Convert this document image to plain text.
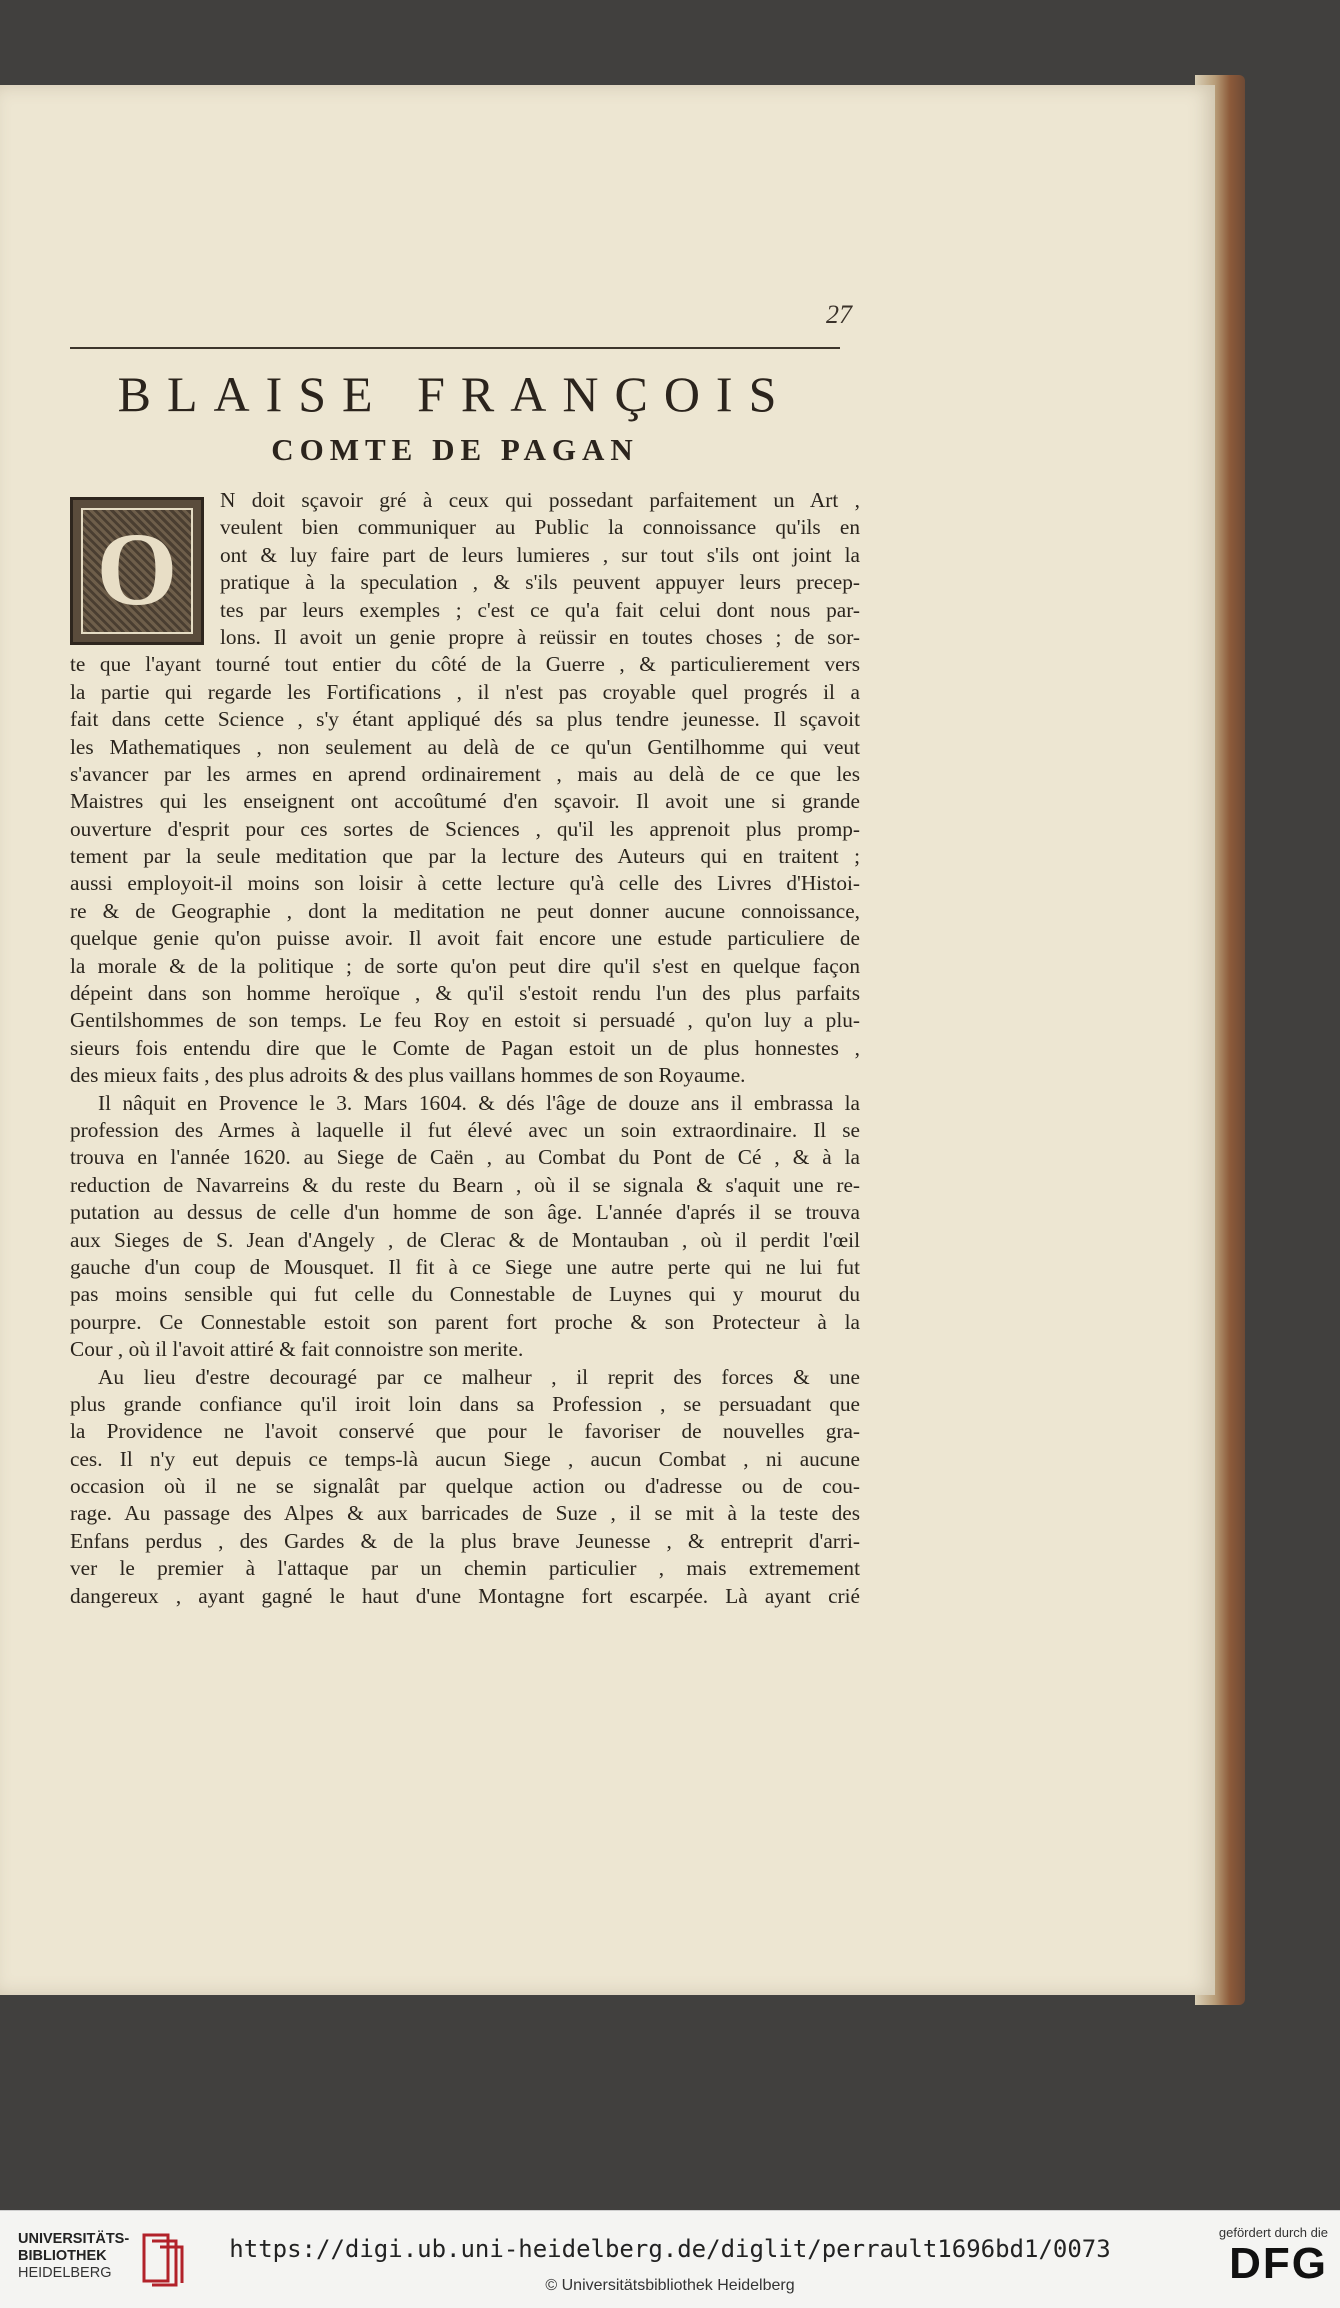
27
BLAISE FRANÇOIS
COMTE DE PAGAN
O
N doit sçavoir gré à ceux qui possedant parfaitement un Art ,
veulent bien communiquer au Public la connoissance qu'ils en
ont & luy faire part de leurs lumieres , sur tout s'ils ont joint la
pratique à la speculation , & s'ils peuvent appuyer leurs precep-
tes par leurs exemples ; c'est ce qu'a fait celui dont nous par-
lons. Il avoit un genie propre à reüssir en toutes choses ; de sor-
te que l'ayant tourné tout entier du côté de la Guerre , & particulierement vers
la partie qui regarde les Fortifications , il n'est pas croyable quel progrés il a
fait dans cette Science , s'y étant appliqué dés sa plus tendre jeunesse. Il sçavoit
les Mathematiques , non seulement au delà de ce qu'un Gentilhomme qui veut
s'avancer par les armes en aprend ordinairement , mais au delà de ce que les
Maistres qui les enseignent ont accoûtumé d'en sçavoir. Il avoit une si grande
ouverture d'esprit pour ces sortes de Sciences , qu'il les apprenoit plus promp-
tement par la seule meditation que par la lecture des Auteurs qui en traitent ;
aussi employoit-il moins son loisir à cette lecture qu'à celle des Livres d'Histoi-
re & de Geographie , dont la meditation ne peut donner aucune connoissance,
quelque genie qu'on puisse avoir. Il avoit fait encore une estude particuliere de
la morale & de la politique ; de sorte qu'on peut dire qu'il s'est en quelque façon
dépeint dans son homme heroïque , & qu'il s'estoit rendu l'un des plus parfaits
Gentilshommes de son temps. Le feu Roy en estoit si persuadé , qu'on luy a plu-
sieurs fois entendu dire que le Comte de Pagan estoit un de plus honnestes ,
des mieux faits , des plus adroits & des plus vaillans hommes de son Royaume.
Il nâquit en Provence le 3. Mars 1604. & dés l'âge de douze ans il embrassa la
profession des Armes à laquelle il fut élevé avec un soin extraordinaire. Il se
trouva en l'année 1620. au Siege de Caën , au Combat du Pont de Cé , & à la
reduction de Navarreins & du reste du Bearn , où il se signala & s'aquit une re-
putation au dessus de celle d'un homme de son âge. L'année d'aprés il se trouva
aux Sieges de S. Jean d'Angely , de Clerac & de Montauban , où il perdit l'œil
gauche d'un coup de Mousquet. Il fit à ce Siege une autre perte qui ne lui fut
pas moins sensible qui fut celle du Connestable de Luynes qui y mourut du
pourpre. Ce Connestable estoit son parent fort proche & son Protecteur à la
Cour , où il l'avoit attiré & fait connoistre son merite.
Au lieu d'estre decouragé par ce malheur , il reprit des forces & une
plus grande confiance qu'il iroit loin dans sa Profession , se persuadant que
la Providence ne l'avoit conservé que pour le favoriser de nouvelles gra-
ces. Il n'y eut depuis ce temps-là aucun Siege , aucun Combat , ni aucune
occasion où il ne se signalât par quelque action ou d'adresse ou de cou-
rage. Au passage des Alpes & aux barricades de Suze , il se mit à la teste des
Enfans perdus , des Gardes & de la plus brave Jeunesse , & entreprit d'arri-
ver le premier à l'attaque par un chemin particulier , mais extremement
dangereux , ayant gagné le haut d'une Montagne fort escarpée. Là ayant crié
UNIVERSITÄTS-
BIBLIOTHEK
HEIDELBERG
https://digi.ub.uni-heidelberg.de/diglit/perrault1696bd1/0073
© Universitätsbibliothek Heidelberg
gefördert durch die
DFG
